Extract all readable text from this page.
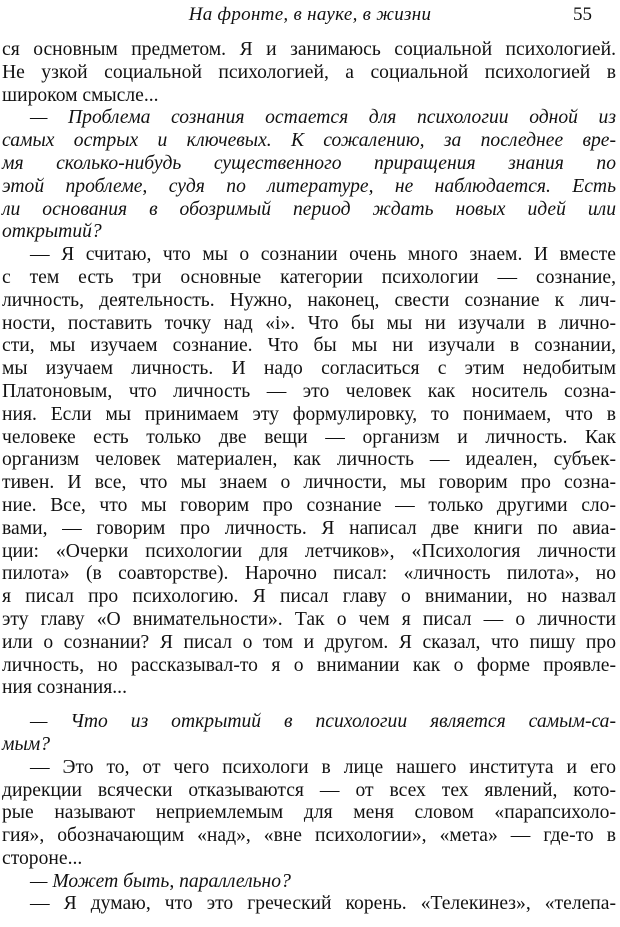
На фронте, в науке, в жизни	55
ся основным предметом. Я и занимаюсь социальной психологией.
Не узкой социальной психологией, а социальной психологией в
широком смысле...
— Проблема сознания остается для психологии одной из
самых острых и ключевых. К сожалению, за последнее вре-
мя сколько-нибудь существенного приращения знания по
этой проблеме, судя по литературе, не наблюдается. Есть
ли основания в обозримый период ждать новых идей или
открытий?
— Я считаю, что мы о сознании очень много знаем. И вместе
с тем есть три основные категории психологии — сознание,
личность, деятельность. Нужно, наконец, свести сознание к лич-
ности, поставить точку над «i». Что бы мы ни изучали в лично-
сти, мы изучаем сознание. Что бы мы ни изучали в сознании,
мы изучаем личность. И надо согласиться с этим недобитым
Платоновым, что личность — это человек как носитель созна-
ния. Если мы принимаем эту формулировку, то понимаем, что в
человеке есть только две вещи — организм и личность. Как
организм человек материален, как личность — идеален, субъек-
тивен. И все, что мы знаем о личности, мы говорим про созна-
ние. Все, что мы говорим про сознание — только другими сло-
вами, — говорим про личность. Я написал две книги по авиа-
ции: «Очерки психологии для летчиков», «Психология личности
пилота» (в соавторстве). Нарочно писал: «личность пилота», но
я писал про психологию. Я писал главу о внимании, но назвал
эту главу «О внимательности». Так о чем я писал — о личности
или о сознании? Я писал о том и другом. Я сказал, что пишу про
личность, но рассказывал-то я о внимании как о форме проявле-
ния сознания...
— Что из открытий в психологии является самым-са-
мым?
— Это то, от чего психологи в лице нашего института и его
дирекции всячески отказываются — от всех тех явлений, кото-
рые называют неприемлемым для меня словом «парапсихоло-
гия», обозначающим «над», «вне психологии», «мета» — где-то в
стороне...
— Может быть, параллельно?
— Я думаю, что это греческий корень. «Телекинез», «телепа-
